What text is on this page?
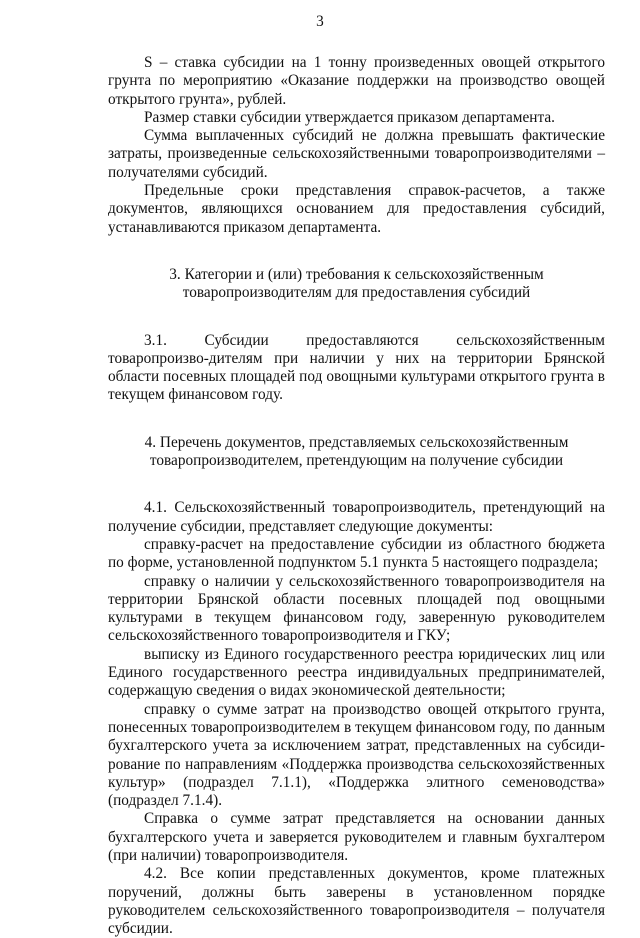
3

S – ставка субсидии на 1 тонну произведенных овощей открытого грунта по мероприятию «Оказание поддержки на производство овощей открытого грунта», рублей.

Размер ставки субсидии утверждается приказом департамента.

Сумма выплаченных субсидий не должна превышать фактические затраты, произведенные сельскохозяйственными товаропроизводителями – получателями субсидий.

Предельные сроки представления справок-расчетов, а также документов, являющихся основанием для предоставления субсидий, устанавливаются приказом департамента.

3. Категории и (или) требования к сельскохозяйственным
товаропроизводителям для предоставления субсидий

3.1. Субсидии предоставляются сельскохозяйственным товаропроизво-дителям при наличии у них на территории Брянской области посевных площадей под овощными культурами открытого грунта в текущем финансовом году.

4. Перечень документов, представляемых сельскохозяйственным
товаропроизводителем, претендующим на получение субсидии

4.1. Сельскохозяйственный товаропроизводитель, претендующий на получение субсидии, представляет следующие документы:

справку-расчет на предоставление субсидии из областного бюджета по форме, установленной подпунктом 5.1 пункта 5 настоящего подраздела;

справку о наличии у сельскохозяйственного товаропроизводителя на территории Брянской области посевных площадей под овощными культурами в текущем финансовом году, заверенную руководителем сельскохозяйственного товаропроизводителя и ГКУ;

выписку из Единого государственного реестра юридических лиц или Единого государственного реестра индивидуальных предпринимателей, содержащую сведения о видах экономической деятельности;

справку о сумме затрат на производство овощей открытого грунта, понесенных товаропроизводителем в текущем финансовом году, по данным бухгалтерского учета за исключением затрат, представленных на субсиди-рование по направлениям «Поддержка производства сельскохозяйственных культур» (подраздел 7.1.1), «Поддержка элитного семеноводства» (подраздел 7.1.4).

Справка о сумме затрат представляется на основании данных бухгалтерского учета и заверяется руководителем и главным бухгалтером (при наличии) товаропроизводителя.

4.2. Все копии представленных документов, кроме платежных поручений, должны быть заверены в установленном порядке руководителем сельскохозяйственного товаропроизводителя – получателя субсидии.
